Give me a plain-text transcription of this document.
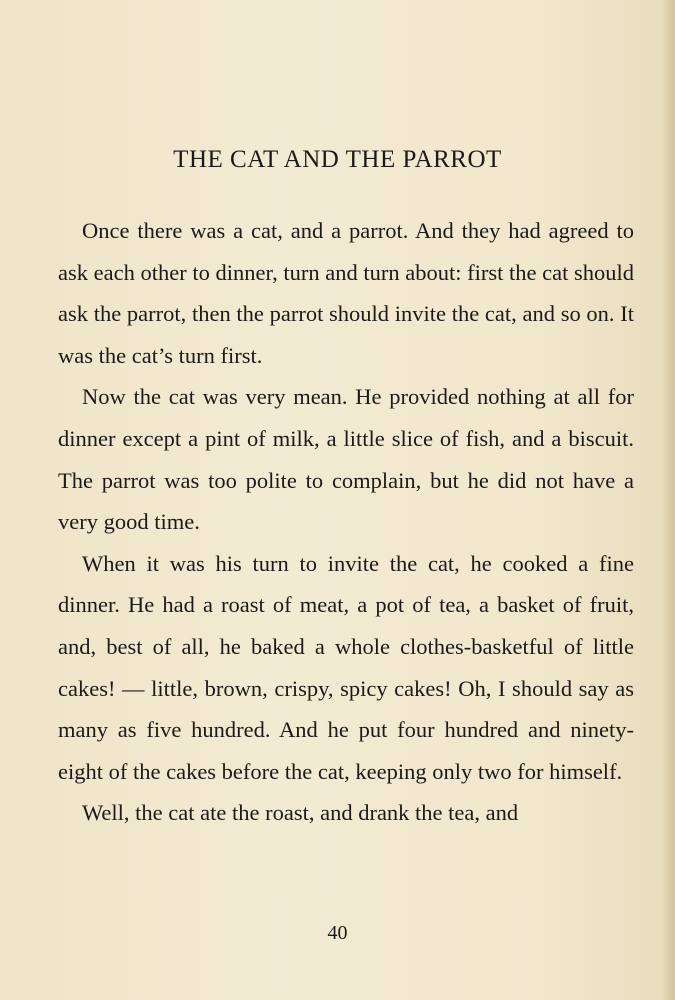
THE CAT AND THE PARROT

Once there was a cat, and a parrot. And they had agreed to ask each other to dinner, turn and turn about: first the cat should ask the parrot, then the parrot should invite the cat, and so on. It was the cat’s turn first.

Now the cat was very mean. He provided nothing at all for dinner except a pint of milk, a little slice of fish, and a biscuit. The parrot was too polite to complain, but he did not have a very good time.

When it was his turn to invite the cat, he cooked a fine dinner. He had a roast of meat, a pot of tea, a basket of fruit, and, best of all, he baked a whole clothes-basketful of little cakes! — little, brown, crispy, spicy cakes! Oh, I should say as many as five hundred. And he put four hundred and ninety-eight of the cakes before the cat, keeping only two for himself.

Well, the cat ate the roast, and drank the tea, and

40
